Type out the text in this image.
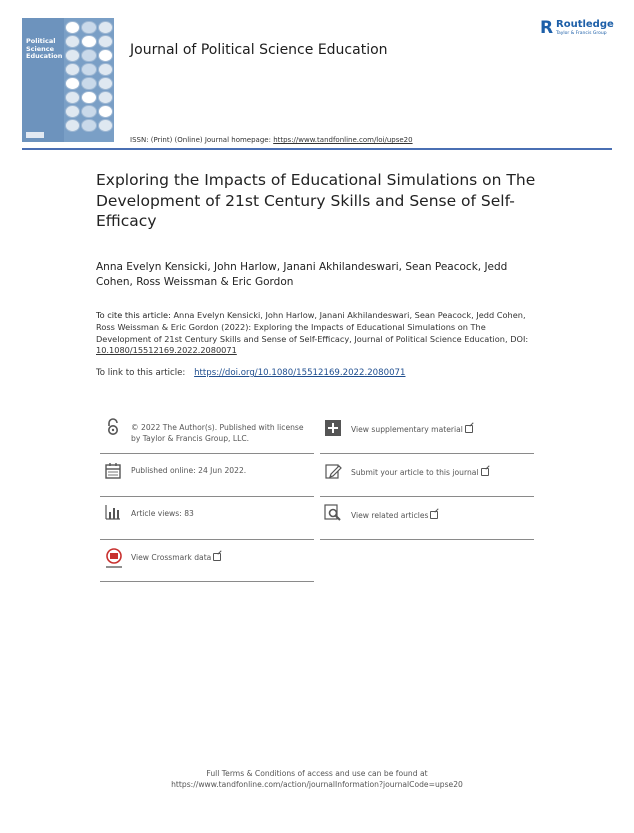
Political Science Education	Journal of Political Science Education
R Routledge
Taylor & Francis Group
ISSN: (Print) (Online) Journal homepage: https://www.tandfonline.com/loi/upse20
Exploring the Impacts of Educational Simulations on The Development of 21st Century Skills and Sense of Self-Efficacy
Anna Evelyn Kensicki, John Harlow, Janani Akhilandeswari, Sean Peacock, Jedd Cohen, Ross Weissman & Eric Gordon
To cite this article: Anna Evelyn Kensicki, John Harlow, Janani Akhilandeswari, Sean Peacock, Jedd Cohen, Ross Weissman & Eric Gordon (2022): Exploring the Impacts of Educational Simulations on The Development of 21st Century Skills and Sense of Self-Efficacy, Journal of Political Science Education, DOI: 10.1080/15512169.2022.2080071
To link to this article: https://doi.org/10.1080/15512169.2022.2080071
© 2022 The Author(s). Published with license by Taylor & Francis Group, LLC.
Published online: 24 Jun 2022.
Article views: 83
View Crossmark data
View supplementary material
Submit your article to this journal
View related articles
Full Terms & Conditions of access and use can be found at
https://www.tandfonline.com/action/journalInformation?journalCode=upse20
